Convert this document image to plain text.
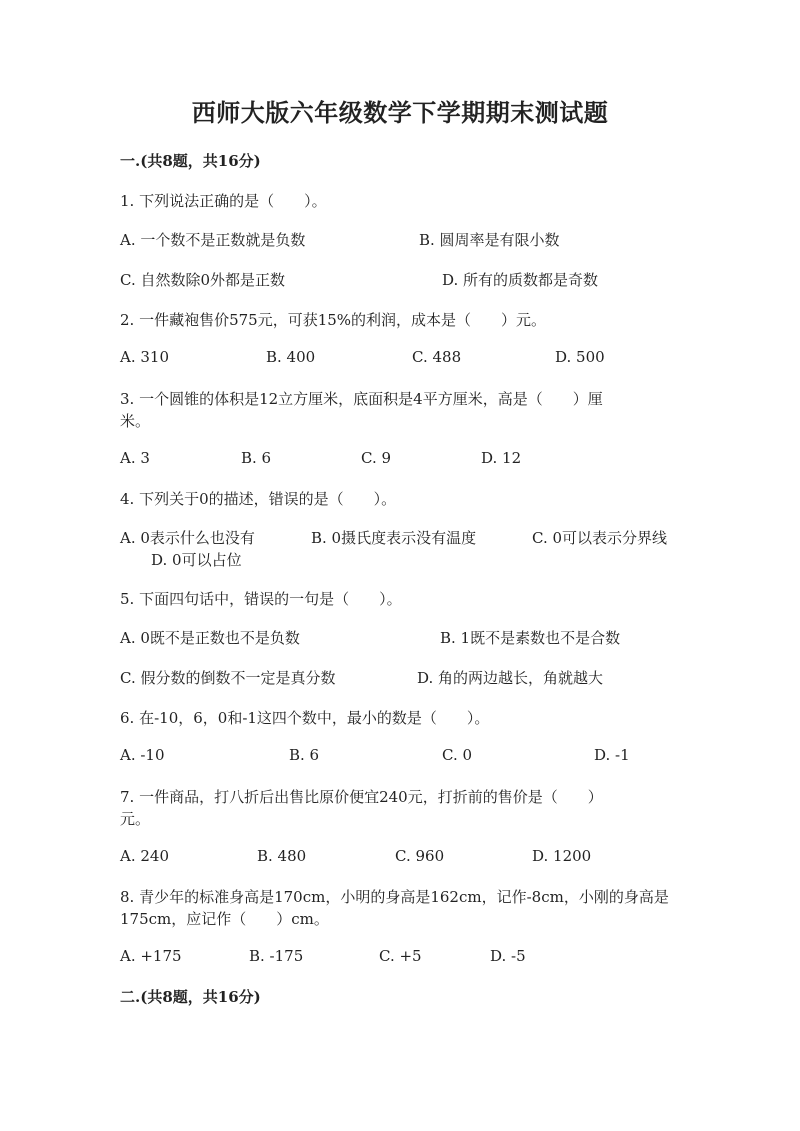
西师大版六年级数学下学期期末测试题
一.(共8题，共16分)
1. 下列说法正确的是（　　）。
A. 一个数不是正数就是负数	B. 圆周率是有限小数
C. 自然数除0外都是正数	D. 所有的质数都是奇数
2. 一件藏袍售价575元，可获15%的利润，成本是（　　）元。
A. 310	B. 400	C. 488	D. 500
3. 一个圆锥的体积是12立方厘米，底面积是4平方厘米，高是（　　）厘
米。
A. 3	B. 6	C. 9	D. 12
4. 下列关于0的描述，错误的是（　　）。
A. 0表示什么也没有	B. 0摄氏度表示没有温度	C. 0可以表示分界线
D. 0可以占位
5. 下面四句话中，错误的一句是（　　）。
A. 0既不是正数也不是负数	B. 1既不是素数也不是合数
C. 假分数的倒数不一定是真分数	D. 角的两边越长，角就越大
6. 在-10，6，0和-1这四个数中，最小的数是（　　）。
A. -10	B. 6	C. 0	D. -1
7. 一件商品，打八折后出售比原价便宜240元，打折前的售价是（　　）
元。
A. 240	B. 480	C. 960	D. 1200
8. 青少年的标准身高是170cm，小明的身高是162cm，记作-8cm，小刚的身高是
175cm，应记作（　　）cm。
A. +175	B. -175	C. +5	D. -5
二.(共8题，共16分)
